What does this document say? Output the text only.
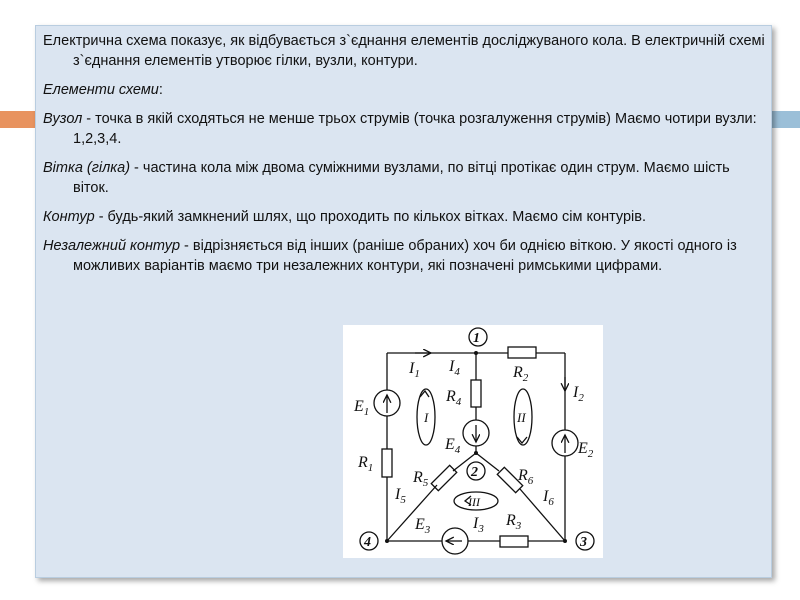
Електрична схема показує, як відбувається з`єднання елементів досліджуваного кола. В електричній схемі з`єднання елементів утворює гілки, вузли, контури.

Елементи схеми:

Вузол - точка в якій сходяться не менше трьох струмів (точка розгалуження струмів) Маємо чотири вузли: 1,2,3,4.

Вітка (гілка) - частина кола між двома суміжними вузлами, по вітці протікає один струм. Маємо шість віток.

Контур - будь-який замкнений шлях, що проходить по кількох вітках. Маємо сім контурів.

Незалежний контур - відрізняється від інших (раніше обраних) хоч би однією віткою. У якості одного із можливих варіантів маємо три незалежних контури, які позначені римськими цифрами.

1
2
3
4
$I_1$ $I_4$	$R_2$
$I_2$
$R_4$
$E_1$	I	II
$E_4$	$E_2$
$R_1$
$R_5$	$R_6$
$I_5$	$I_6$
III
$E_3$	$I_3$ $R_3$
